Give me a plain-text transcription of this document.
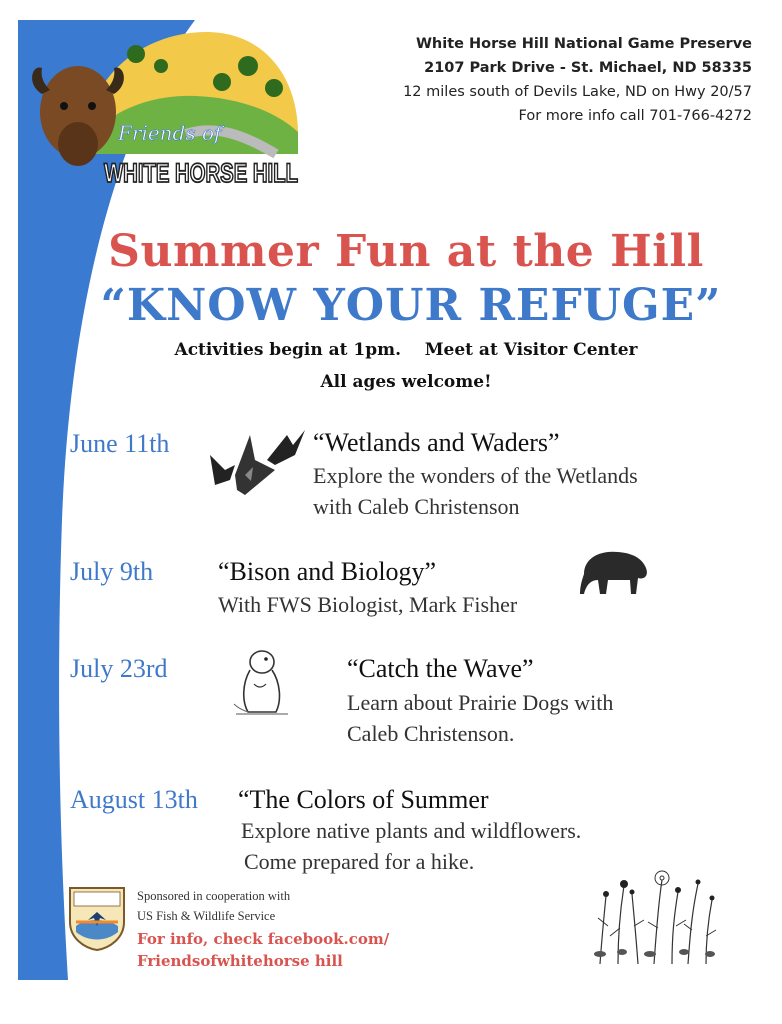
Friends of
WHITE HORSE HILL
White Horse Hill National Game Preserve
2107 Park Drive - St. Michael, ND 58335
12 miles south of Devils Lake, ND on Hwy 20/57
For more info call 701-766-4272
Summer Fun at the Hill
“KNOW YOUR REFUGE”
Activities begin at 1pm.    Meet at Visitor Center
All ages welcome!
June 11th	“Wetlands and Waders”
Explore the wonders of the Wetlands
with Caleb Christenson
July 9th “Bison and Biology”
With FWS Biologist, Mark Fisher
July 23rd	“Catch the Wave”
Learn about Prairie Dogs with
Caleb Christenson.
August 13th “The Colors of Summer
Explore native plants and wildflowers.
Come prepared for a hike.
Sponsored in cooperation with
US Fish & Wildlife Service
For info, check facebook.com/
Friendsofwhitehorse hill
